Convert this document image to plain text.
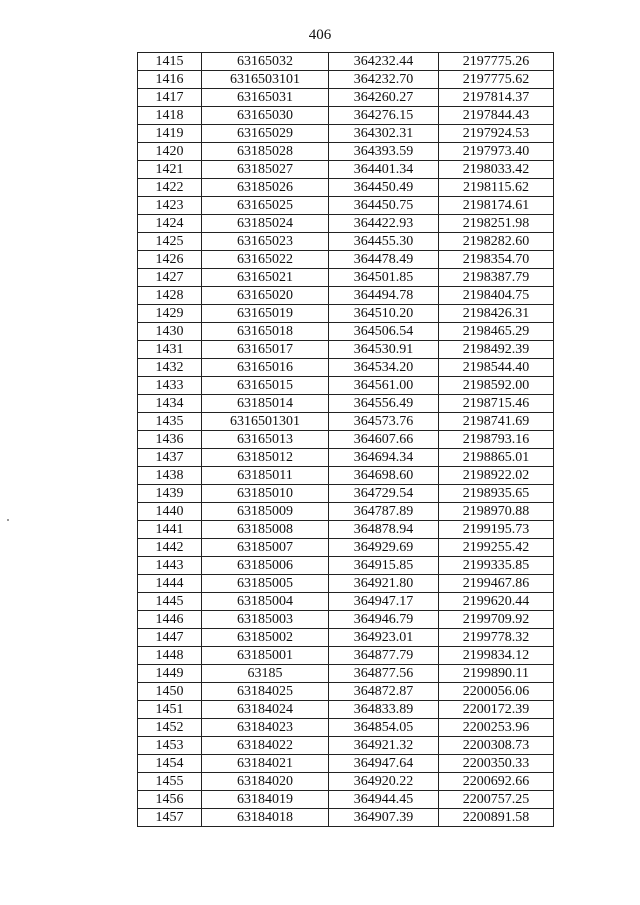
406
1415	63165032	364232.44	2197775.26
1416	6316503101	364232.70	2197775.62
1417	63165031	364260.27	2197814.37
1418	63165030	364276.15	2197844.43
1419	63165029	364302.31	2197924.53
1420	63185028	364393.59	2197973.40
1421	63185027	364401.34	2198033.42
1422	63185026	364450.49	2198115.62
1423	63165025	364450.75	2198174.61
1424	63185024	364422.93	2198251.98
1425	63165023	364455.30	2198282.60
1426	63165022	364478.49	2198354.70
1427	63165021	364501.85	2198387.79
1428	63165020	364494.78	2198404.75
1429	63165019	364510.20	2198426.31
1430	63165018	364506.54	2198465.29
1431	63165017	364530.91	2198492.39
1432	63165016	364534.20	2198544.40
1433	63165015	364561.00	2198592.00
1434	63185014	364556.49	2198715.46
1435	6316501301	364573.76	2198741.69
1436	63165013	364607.66	2198793.16
1437	63185012	364694.34	2198865.01
1438	63185011	364698.60	2198922.02
1439	63185010	364729.54	2198935.65
1440	63185009	364787.89	2198970.88
1441	63185008	364878.94	2199195.73
1442	63185007	364929.69	2199255.42
1443	63185006	364915.85	2199335.85
1444	63185005	364921.80	2199467.86
1445	63185004	364947.17	2199620.44
1446	63185003	364946.79	2199709.92
1447	63185002	364923.01	2199778.32
1448	63185001	364877.79	2199834.12
1449	63185	364877.56	2199890.11
1450	63184025	364872.87	2200056.06
1451	63184024	364833.89	2200172.39
1452	63184023	364854.05	2200253.96
1453	63184022	364921.32	2200308.73
1454	63184021	364947.64	2200350.33
1455	63184020	364920.22	2200692.66
1456	63184019	364944.45	2200757.25
1457	63184018	364907.39	2200891.58
